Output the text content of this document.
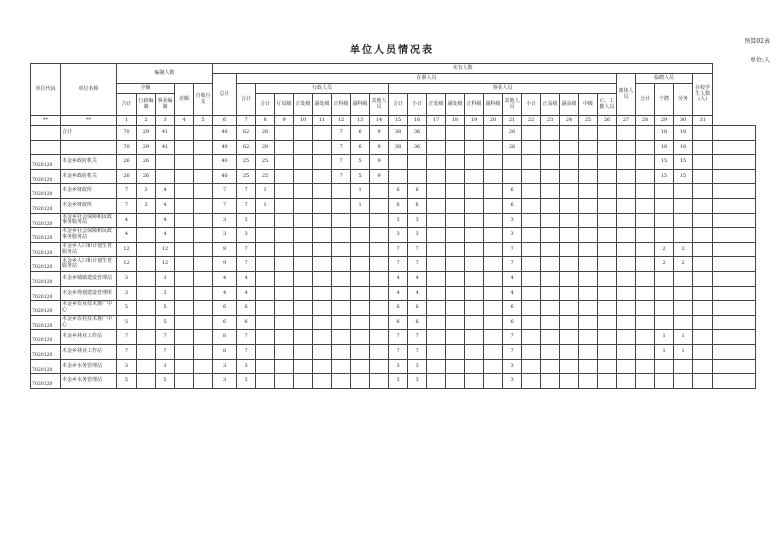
预算02表
单位人员情况表
单位:人
单位代码	单位名称	编制人数					实有人数																										
							总计	在职人员																				离休人员	临聘人员			在校学生人数(人)	
		全额			差额	自收自支		合计	行政人员							事业人员													合计	个聘	劳务		
		合计	行政编制	事业编制					合计	厅局级	正处级	副处级	正科级	副科级	其他人员	合计	小计	正处级	副处级	正科级	副科级	其他人员	小计	正高级	副高级	中级	C、工勤人员						
**	**	1	2	3	4	5	6	7	8	9	10	11	12	13	14	15	16	17	18	19	20	21	22	23	24	25	26	27	28	29	30	31	
	合计	70	29	41			40	62	28				7	6	9	38	36					26								18	18		
		70	29	41			40	62	28				7	6	9	38	36					26								18	18		
7020120	木金乡政府机关	26	26				40	25	25				7	5	9															15	15		
7020120	木金乡政府机关	26	26				40	25	25				7	5	9															15	15		
7020120	木金乡财政所	7	3	4			7	7	1					1		6	6					6											
7020120	木金乡财政所	7	3	4			7	7	1					1		6	6					6											
7020120	木金乡社会保障和民政事务服务站	4		4			3	3								3	3					3											
7020120	木金乡社会保障和民政事务服务站	4		4			3	3								3	3					3											
7020120	木金乡人口和计划生育服务站	12		12			9	7								7	7					7								2	2		
7020120	木金乡人口和计划生育服务站	12		12			9	7								7	7					7								2	2		
7020120	木金乡城镇建设管理站	3		3			4	4								4	4					4											
7020120	木金乡规划建设管理所	3		3			4	4								4	4					4											
7020120	木金乡农业技术推广中心	5		5			6	6								6	6					6											
7020120	木金乡农村技术推广中心	5		5			6	6								6	6					6											
7020120	木金乡林业工作站	7		7			8	7								7	7					7								1	1		
7020120	木金乡林业工作站	7		7			8	7								7	7					7								1	1		
7020120	木金乡水务管理站	3		3			3	3								3	3					3											
7020120	木金乡水务管理站	5		5			3	3								3	3					3											
